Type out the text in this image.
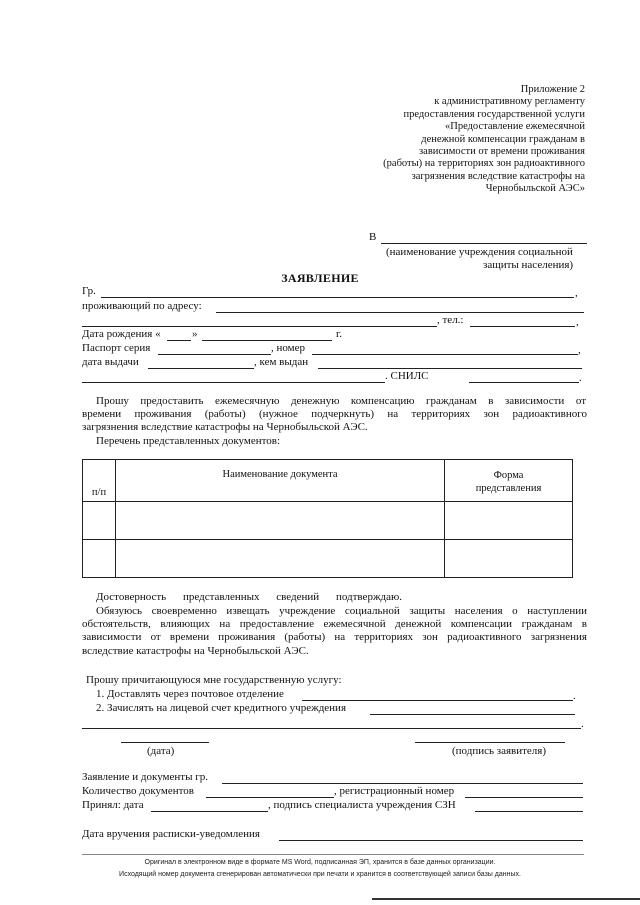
Приложение 2
к административному регламенту
предоставления государственной услуги
«Предоставление ежемесячной
денежной компенсации гражданам в
зависимости от времени проживания
(работы) на территориях зон радиоактивного
загрязнения вследствие катастрофы на
Чернобыльской АЭС»
В
(наименование учреждения социальной
защиты населения)
ЗАЯВЛЕНИЕ
Гр.	,
проживающий по адресу:
, тел.:	,
Дата рождения «	»	г.
Паспорт серия	, номер	,
дата выдачи	, кем выдан
. СНИЛС	.
Прошу предоставить ежемесячную денежную компенсацию гражданам в зависимости от
времени проживания (работы) (нужное подчеркнуть) на территориях зон радиоактивного
загрязнения вследствие катастрофы на Чернобыльской АЭС.
Перечень представленных документов:
п/п	Наименование документа	Форма
представления

Достоверность представленных сведений подтверждаю.
Обязуюсь своевременно извещать учреждение социальной защиты населения о наступлении
обстоятельств, влияющих на предоставление ежемесячной денежной компенсации гражданам в
зависимости от времени проживания (работы) на территориях зон радиоактивного загрязнения
вследствие катастрофы на Чернобыльской АЭС.
Прошу причитающуюся мне государственную услугу:
1. Доставлять через почтовое отделение	.
2. Зачислять на лицевой счет кредитного учреждения
.
(дата)	(подпись заявителя)
Заявление и документы гр.
Количество документов	, регистрационный номер
Принял: дата	, подпись специалиста учреждения СЗН
Дата вручения расписки-уведомления
Оригинал в электронном виде в формате MS Word, подписанная ЭП, хранится в базе данных организации.
Исходящий номер документа сгенерирован автоматически при печати и хранится в соответствующей записи базы данных.
